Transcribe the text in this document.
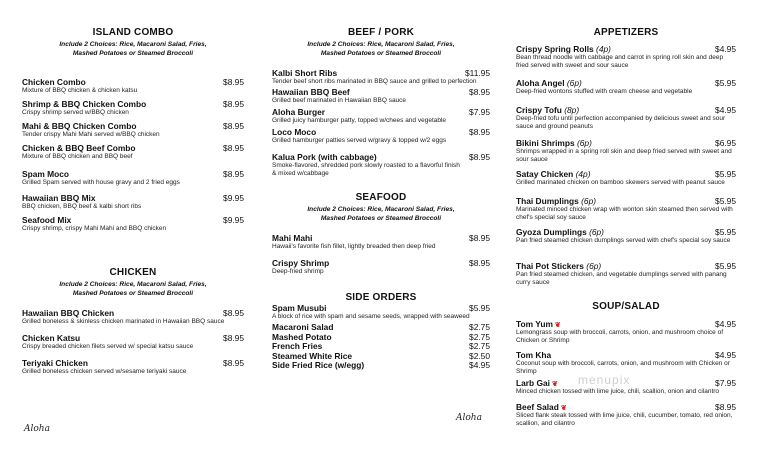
ISLAND COMBO

Include 2 Choices: Rice, Macaroni Salad, Fries, Mashed Potatoes or Steamed Broccoli

Chicken Combo	$8.95
Mixture of BBQ chicken & chicken katsu
Shrimp & BBQ Chicken Combo	$8.95
Crispy shrimp served w/BBQ chicken
Mahi & BBQ Chicken Combo	$8.95
Tender crispy Mahi Mahi served w/BBQ chicken
Chicken & BBQ Beef Combo	$8.95
Mixture of BBQ chicken and BBQ beef
Spam Moco	$8.95
Grilled Spam served with house gravy and 2 fried eggs
Hawaiian BBQ Mix	$9.95
BBQ chicken, BBQ beef & kalbi short ribs
Seafood Mix	$9.95
Crispy shrimp, crispy Mahi Mahi and BBQ chicken

CHICKEN

Include 2 Choices: Rice, Macaroni Salad, Fries, Mashed Potatoes or Steamed Broccoli

Hawaiian BBQ Chicken	$8.95
Grilled boneless & skinless chicken marinated in Hawaiian BBQ sauce
Chicken Katsu	$8.95
Crispy breaded chicken filets served w/ special katsu sauce
Teriyaki Chicken	$8.95
Grilled boneless chicken served w/sesame teriyaki sauce
Aloha

BEEF / PORK

Include 2 Choices: Rice, Macaroni Salad, Fries, Mashed Potatoes or Steamed Broccoli

Kalbi Short Ribs	$11.95
Tender beef short ribs marinated in BBQ sauce and grilled to perfection
Hawaiian BBQ Beef	$8.95
Grilled beef marinated in Hawaiian BBQ sauce
Aloha Burger	$7.95
Grilled juicy hamburger patty, topped w/chees and vegetable
Loco Moco	$8.95
Grilled hamburger patties served w/gravy & topped w/2 eggs
Kalua Pork (with cabbage)	$8.95
Smoke-flavored, shredded pork slowly roasted to a flavorful finish & mixed w/cabbage

SEAFOOD

Include 2 Choices: Rice, Macaroni Salad, Fries, Mashed Potatoes or Steamed Broccoli

Mahi Mahi	$8.95
Hawaii's favorite fish fillet, lightly breaded then deep fried
Crispy Shrimp	$8.95
Deep-fried shrimp

SIDE ORDERS

Spam Musubi	$5.95
A block of rice with spam and sesame seeds, wrapped with seaweed
Macaroni Salad	$2.75
Mashed Potato	$2.75
French Fries	$2.75
Steamed White Rice	$2.50
Side Fried Rice (w/egg)	$4.95
Aloha

APPETIZERS

Crispy Spring Rolls (4p)	$4.95
Bean thread noodle with cabbage and carrot in spring roll skin and deep fried served with sweet and sour sauce
Aloha Angel (6p)	$5.95
Deep-fried wontons stuffed with cream cheese and vegetable
Crispy Tofu (8p)	$4.95
Deep-fried tofu until perfection accompanied by delicious sweet and sour sauce and ground peanuts
Bikini Shrimps (6p)	$6.95
Shrimps wrapped in a spring roll skin and deep fried served with sweet and sour sauce
Satay Chicken (4p)	$5.95
Grilled marinated chicken on bamboo skewers served with peanut sauce
Thai Dumplings (6p)	$5.95
Marinated minced chicken wrap with wonton skin steamed then served with chef's special soy sauce
Gyoza Dumplings (6p)	$5.95
Pan fried steamed chicken dumplings served with chef's special soy sauce
Thai Pot Stickers (6p)	$5.95
Pan fried steamed chicken, and vegetable dumplings served with panang curry sauce

SOUP/SALAD

Tom Yum ❦	$4.95
Lemongrass soup with broccoli, carrots, onion, and mushroom choice of Chicken or Shrimp
Tom Kha	$4.95
Coconut soup with broccoli, carrots, onion, and mushroom with Chicken or Shrimp
Larb Gai ❦	$7.95
Minced chicken tossed with lime juice, chili, scallion, onion and cilantro
Beef Salad ❦	$8.95
Sliced flank steak tossed with lime juice, chili, cucumber, tomato, red onion, scallion, and cilantro
menupix
